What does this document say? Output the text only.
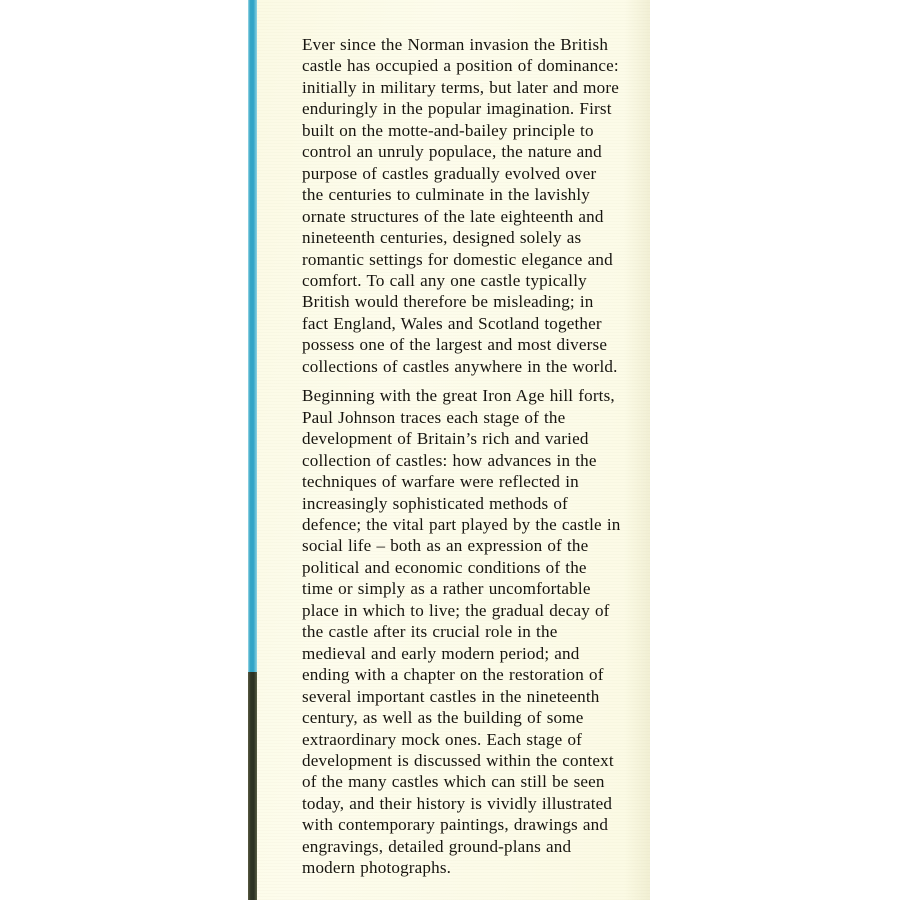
Ever since the Norman invasion the British castle has occupied a position of dominance: initially in military terms, but later and more enduringly in the popular imagination. First built on the motte-and-bailey principle to control an unruly populace, the nature and purpose of castles gradually evolved over the centuries to culminate in the lavishly ornate structures of the late eighteenth and nineteenth centuries, designed solely as romantic settings for domestic elegance and comfort. To call any one castle typically British would therefore be misleading; in fact England, Wales and Scotland together possess one of the largest and most diverse collections of castles anywhere in the world.

Beginning with the great Iron Age hill forts, Paul Johnson traces each stage of the development of Britain’s rich and varied collection of castles: how advances in the techniques of warfare were reflected in increasingly sophisticated methods of defence; the vital part played by the castle in social life – both as an expression of the political and economic conditions of the time or simply as a rather uncomfortable place in which to live; the gradual decay of the castle after its crucial role in the medieval and early modern period; and ending with a chapter on the restoration of several important castles in the nineteenth century, as well as the building of some extraordinary mock ones. Each stage of development is discussed within the context of the many castles which can still be seen today, and their history is vividly illustrated with contemporary paintings, drawings and engravings, detailed ground-plans and modern photographs.
